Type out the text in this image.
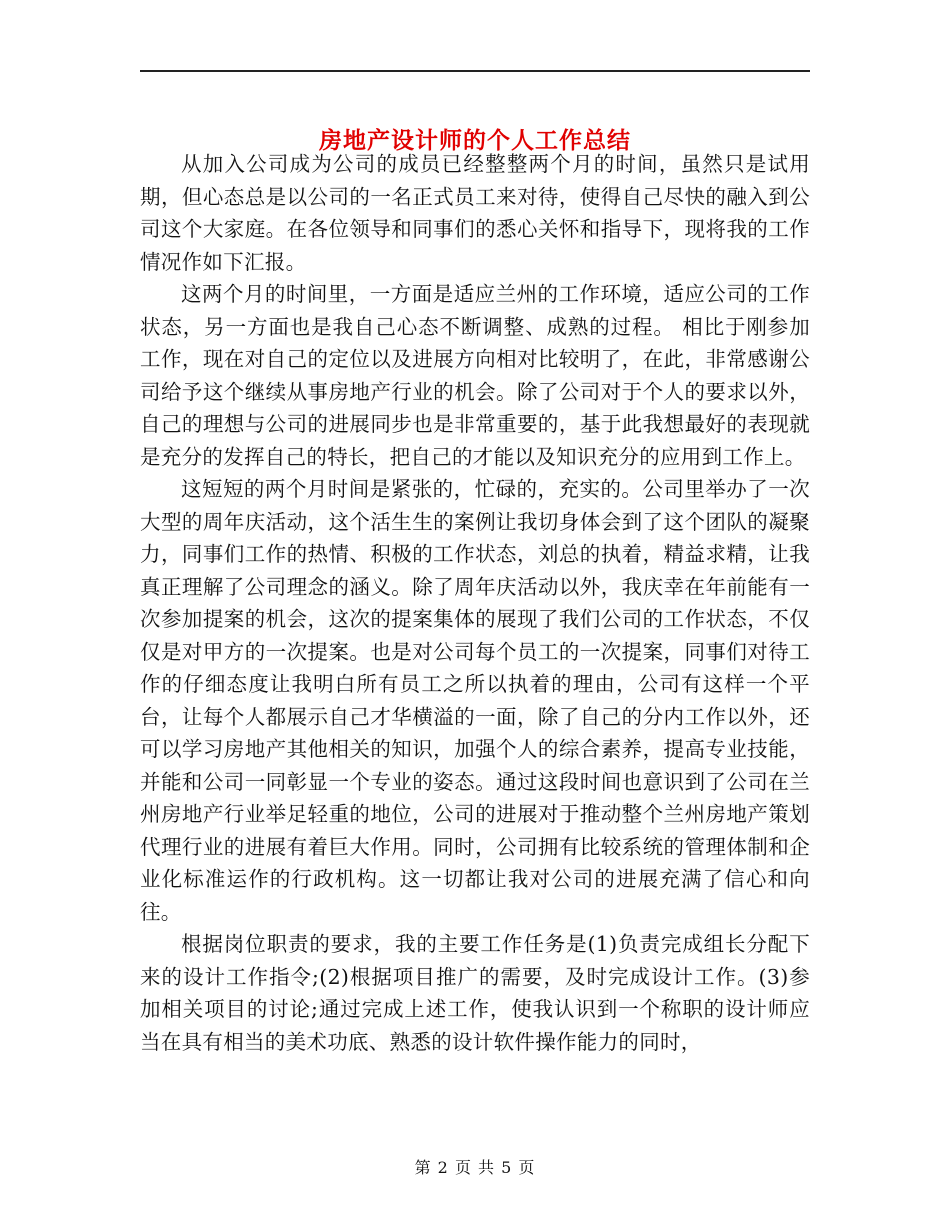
房地产设计师的个人工作总结

从加入公司成为公司的成员已经整整两个月的时间，虽然只是试用期，但心态总是以公司的一名正式员工来对待，使得自己尽快的融入到公司这个大家庭。在各位领导和同事们的悉心关怀和指导下，现将我的工作情况作如下汇报。

这两个月的时间里，一方面是适应兰州的工作环境，适应公司的工作状态，另一方面也是我自己心态不断调整、成熟的过程。 相比于刚参加工作，现在对自己的定位以及进展方向相对比较明了，在此，非常感谢公司给予这个继续从事房地产行业的机会。除了公司对于个人的要求以外，自己的理想与公司的进展同步也是非常重要的，基于此我想最好的表现就是充分的发挥自己的特长，把自己的才能以及知识充分的应用到工作上。

这短短的两个月时间是紧张的，忙碌的，充实的。公司里举办了一次大型的周年庆活动，这个活生生的案例让我切身体会到了这个团队的凝聚力，同事们工作的热情、积极的工作状态，刘总的执着，精益求精，让我真正理解了公司理念的涵义。除了周年庆活动以外，我庆幸在年前能有一次参加提案的机会，这次的提案集体的展现了我们公司的工作状态，不仅仅是对甲方的一次提案。也是对公司每个员工的一次提案，同事们对待工作的仔细态度让我明白所有员工之所以执着的理由，公司有这样一个平台，让每个人都展示自己才华横溢的一面，除了自己的分内工作以外，还可以学习房地产其他相关的知识，加强个人的综合素养，提高专业技能，并能和公司一同彰显一个专业的姿态。通过这段时间也意识到了公司在兰州房地产行业举足轻重的地位，公司的进展对于推动整个兰州房地产策划代理行业的进展有着巨大作用。同时，公司拥有比较系统的管理体制和企业化标准运作的行政机构。这一切都让我对公司的进展充满了信心和向往。

根据岗位职责的要求，我的主要工作任务是(1)负责完成组长分配下来的设计工作指令;(2)根据项目推广的需要，及时完成设计工作。(3)参加相关项目的讨论;通过完成上述工作，使我认识到一个称职的设计师应当在具有相当的美术功底、熟悉的设计软件操作能力的同时，

第 2 页 共 5 页
